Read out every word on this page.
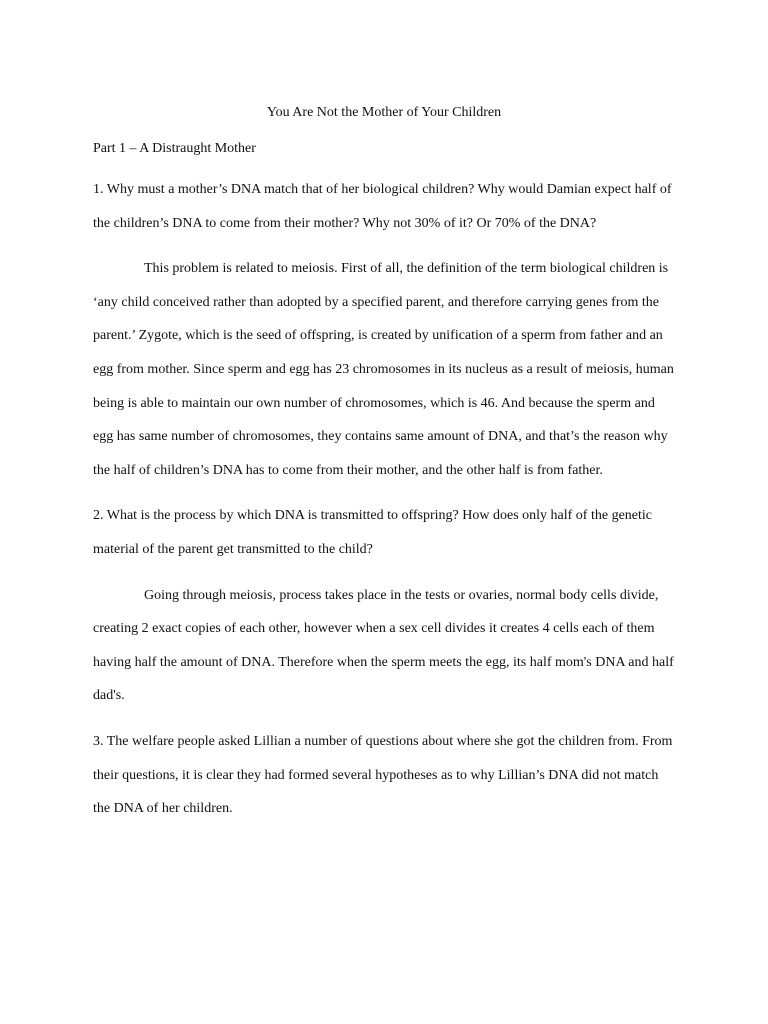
You Are Not the Mother of Your Children

Part 1 – A Distraught Mother

1. Why must a mother’s DNA match that of her biological children? Why would Damian expect half of the children’s DNA to come from their mother? Why not 30% of it? Or 70% of the DNA?

This problem is related to meiosis. First of all, the definition of the term biological children is ‘any child conceived rather than adopted by a specified parent, and therefore carrying genes from the parent.’ Zygote, which is the seed of offspring, is created by unification of a sperm from father and an egg from mother. Since sperm and egg has 23 chromosomes in its nucleus as a result of meiosis, human being is able to maintain our own number of chromosomes, which is 46. And because the sperm and egg has same number of chromosomes, they contains same amount of DNA, and that’s the reason why the half of children’s DNA has to come from their mother, and the other half is from father.

2. What is the process by which DNA is transmitted to offspring? How does only half of the genetic material of the parent get transmitted to the child?

Going through meiosis, process takes place in the tests or ovaries, normal body cells divide, creating 2 exact copies of each other, however when a sex cell divides it creates 4 cells each of them having half the amount of DNA. Therefore when the sperm meets the egg, its half mom's DNA and half dad's.

3. The welfare people asked Lillian a number of questions about where she got the children from. From their questions, it is clear they had formed several hypotheses as to why Lillian’s DNA did not match the DNA of her children.
